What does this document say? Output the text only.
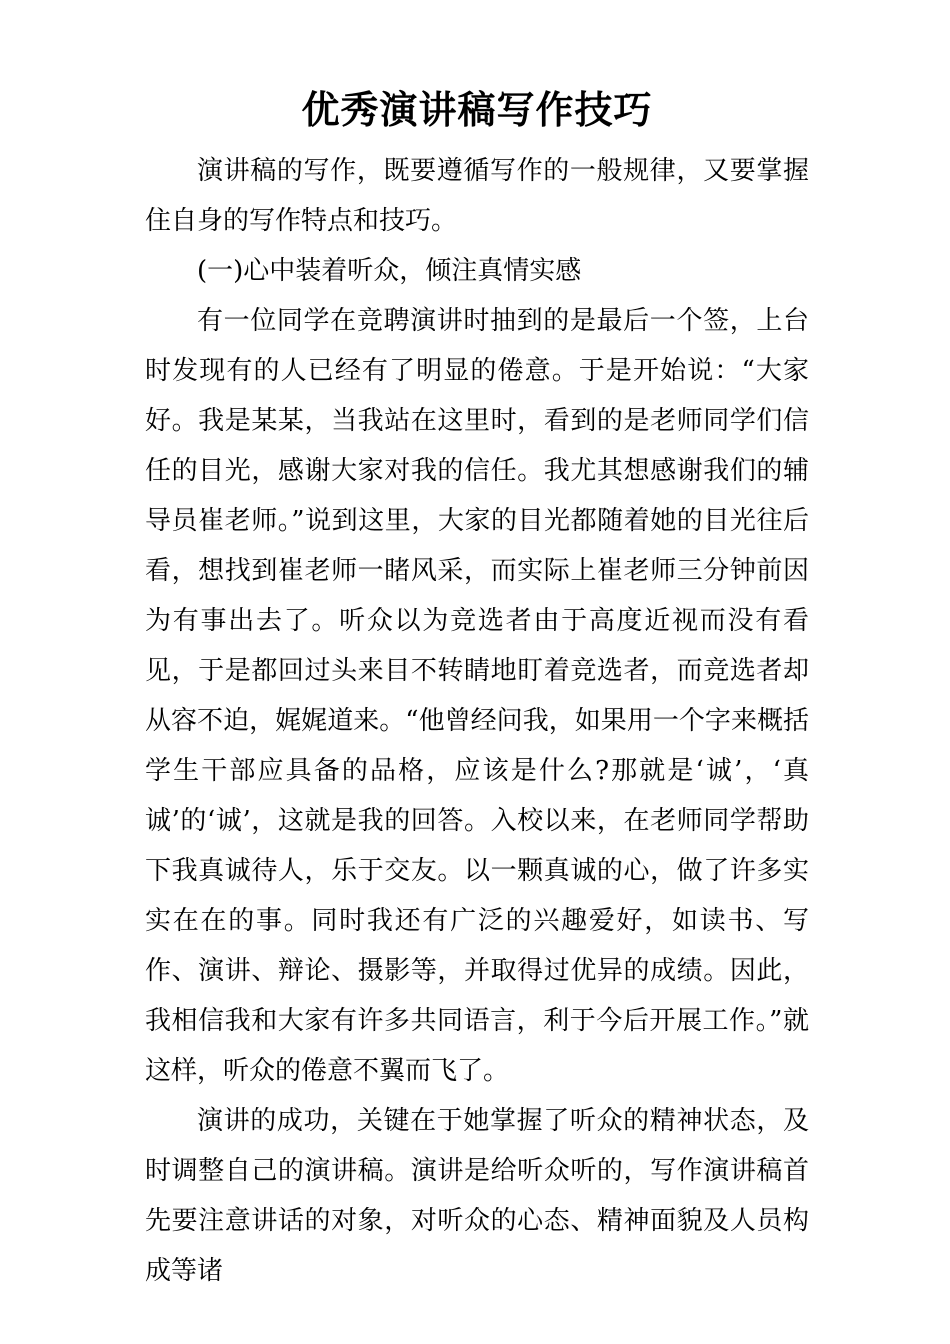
优秀演讲稿写作技巧

演讲稿的写作，既要遵循写作的一般规律，又要掌握住自身的写作特点和技巧。

(一)心中装着听众，倾注真情实感

有一位同学在竞聘演讲时抽到的是最后一个签，上台时发现有的人已经有了明显的倦意。于是开始说：“大家好。我是某某，当我站在这里时，看到的是老师同学们信任的目光，感谢大家对我的信任。我尤其想感谢我们的辅导员崔老师。”说到这里，大家的目光都随着她的目光往后看，想找到崔老师一睹风采，而实际上崔老师三分钟前因为有事出去了。听众以为竞选者由于高度近视而没有看见，于是都回过头来目不转睛地盯着竞选者，而竞选者却从容不迫，娓娓道来。“他曾经问我，如果用一个字来概括学生干部应具备的品格，应该是什么?那就是‘诚’，‘真诚’的‘诚’，这就是我的回答。入校以来，在老师同学帮助下我真诚待人，乐于交友。以一颗真诚的心，做了许多实实在在的事。同时我还有广泛的兴趣爱好，如读书、写作、演讲、辩论、摄影等，并取得过优异的成绩。因此，我相信我和大家有许多共同语言，利于今后开展工作。”就这样，听众的倦意不翼而飞了。

演讲的成功，关键在于她掌握了听众的精神状态，及时调整自己的演讲稿。演讲是给听众听的，写作演讲稿首先要注意讲话的对象，对听众的心态、精神面貌及人员构成等诸
